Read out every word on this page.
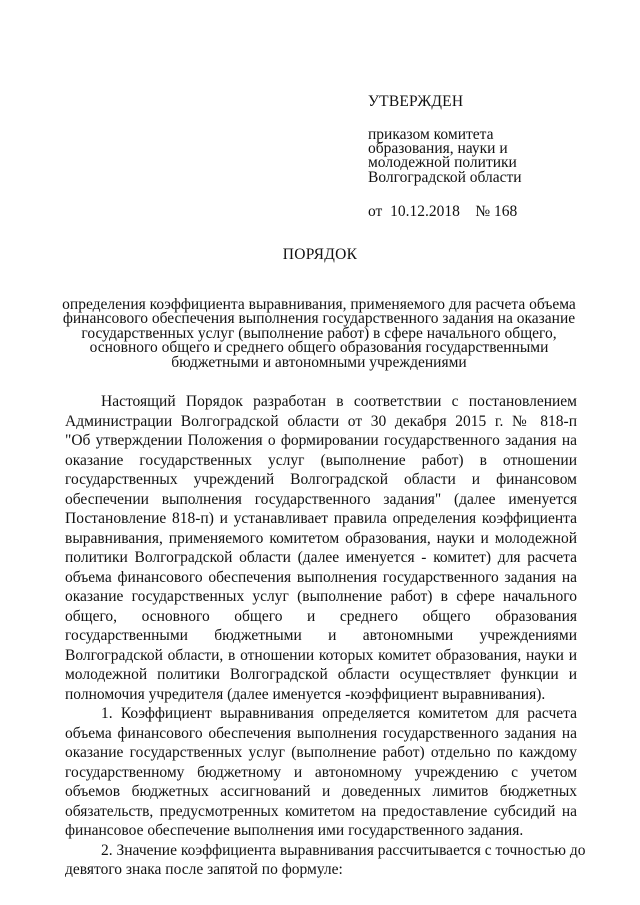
УТВЕРЖДЕН
приказом комитета
образования, науки и
молодежной политики
Волгоградской области
от  10.12.2018    № 168
ПОРЯДОК
определения коэффициента выравнивания, применяемого для расчета объема
финансового обеспечения выполнения государственного задания на оказание
государственных услуг (выполнение работ) в сфере начального общего,
основного общего и среднего общего образования государственными
бюджетными и автономными учреждениями
Настоящий Порядок разработан в соответствии с постановлением
Администрации Волгоградской области от 30 декабря 2015 г. № 818-п
"Об утверждении Положения о формировании государственного задания на
оказание государственных услуг (выполнение работ) в отношении
государственных учреждений Волгоградской области и финансовом
обеспечении выполнения государственного задания" (далее именуется
Постановление 818-п) и устанавливает правила определения коэффициента
выравнивания, применяемого комитетом образования, науки и молодежной
политики Волгоградской области (далее именуется - комитет) для расчета
объема финансового обеспечения выполнения государственного задания на
оказание государственных услуг (выполнение работ) в сфере начального
общего, основного общего и среднего общего образования
государственными бюджетными и автономными учреждениями
Волгоградской области, в отношении которых комитет образования, науки и
молодежной политики Волгоградской области осуществляет функции и
полномочия учредителя (далее именуется -коэффициент выравнивания).
1. Коэффициент выравнивания определяется комитетом для расчета
объема финансового обеспечения выполнения государственного задания на
оказание государственных услуг (выполнение работ) отдельно по каждому
государственному бюджетному и автономному учреждению с учетом
объемов бюджетных ассигнований и доведенных лимитов бюджетных
обязательств, предусмотренных комитетом на предоставление субсидий на
финансовое обеспечение выполнения ими государственного задания.
2. Значение коэффициента выравнивания рассчитывается с точностью до
девятого знака после запятой по формуле:
